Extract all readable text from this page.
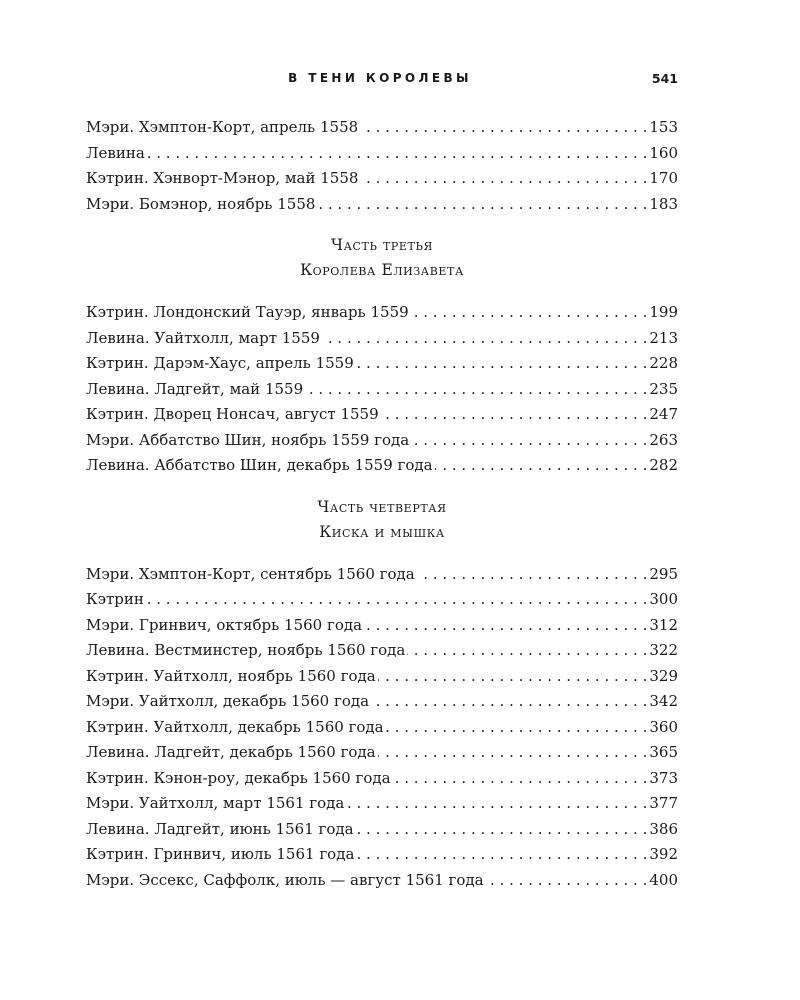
В ТЕНИ КОРОЛЕВЫ	541
Мэри. Хэмптон-Корт, апрель 1558 . . .	153
Левина . . .	160
Кэтрин. Хэнворт-Мэнор, май 1558 . . .	170
Мэри. Бомэнор, ноябрь 1558 . . .	183
Часть третья
Королева Елизавета
Кэтрин. Лондонский Тауэр, январь 1559 . . .	199
Левина. Уайтхолл, март 1559 . . .	213
Кэтрин. Дарэм-Хаус, апрель 1559 . . .	228
Левина. Ладгейт, май 1559 . . .	235
Кэтрин. Дворец Нонсач, август 1559 . . .	247
Мэри. Аббатство Шин, ноябрь 1559 года . . .	263
Левина. Аббатство Шин, декабрь 1559 года . . .	282
Часть четвертая
Киска и мышка
Мэри. Хэмптон-Корт, сентябрь 1560 года . . .	295
Кэтрин . . .	300
Мэри. Гринвич, октябрь 1560 года . . .	312
Левина. Вестминстер, ноябрь 1560 года . . .	322
Кэтрин. Уайтхолл, ноябрь 1560 года . . .	329
Мэри. Уайтхолл, декабрь 1560 года . . .	342
Кэтрин. Уайтхолл, декабрь 1560 года . . .	360
Левина. Ладгейт, декабрь 1560 года . . .	365
Кэтрин. Кэнон-роу, декабрь 1560 года . . .	373
Мэри. Уайтхолл, март 1561 года . . .	377
Левина. Ладгейт, июнь 1561 года . . .	386
Кэтрин. Гринвич, июль 1561 года . . .	392
Мэри. Эссекс, Саффолк, июль — август 1561 года . . .	400
